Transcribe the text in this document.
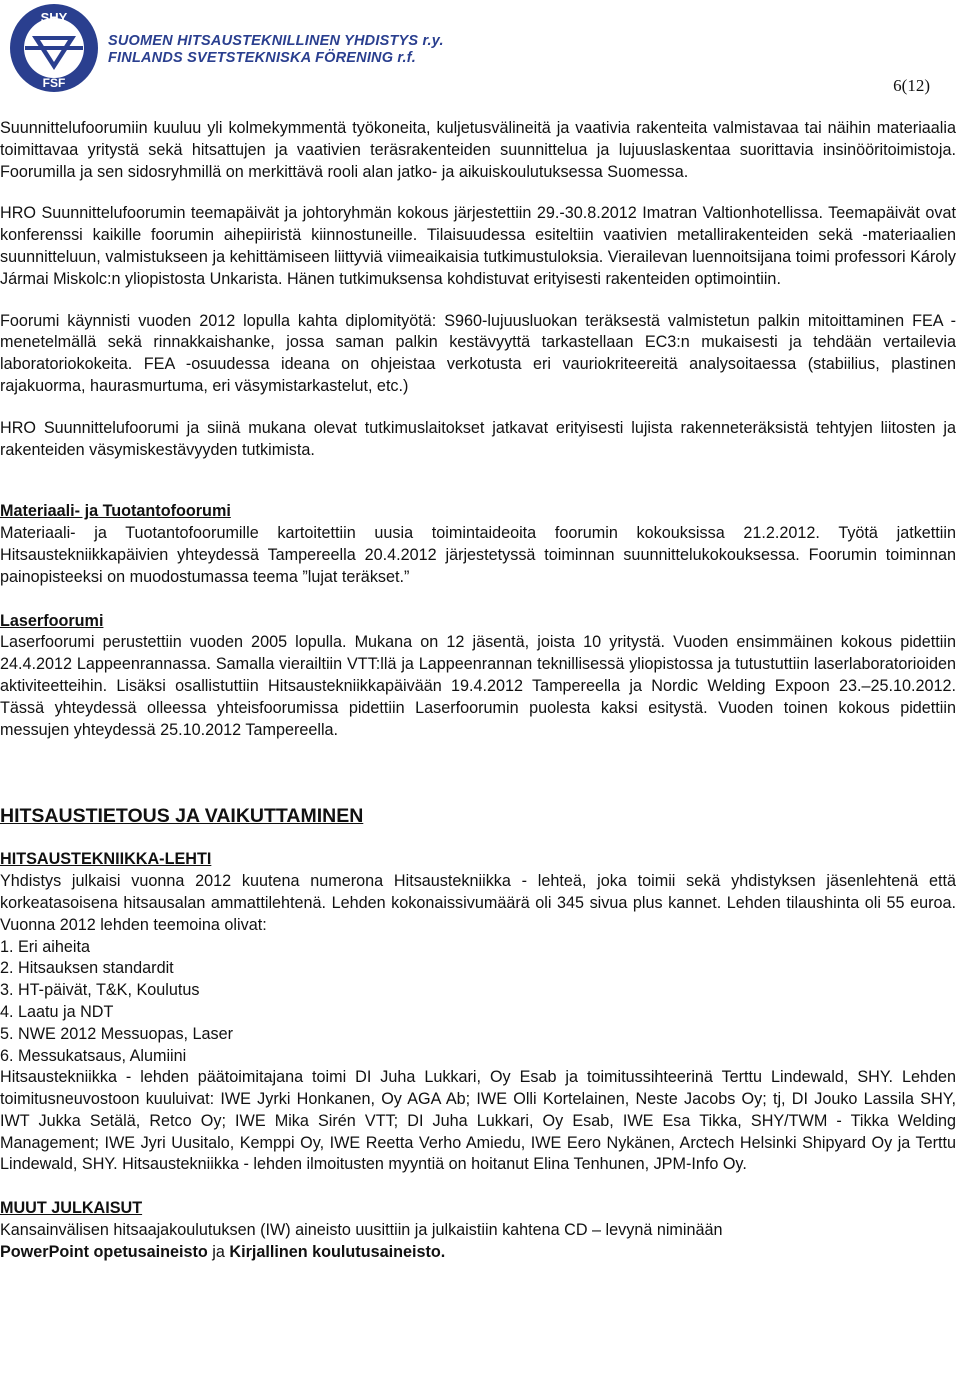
SHY
FSF
SUOMEN HITSAUSTEKNILLINEN YHDISTYS r.y.
FINLANDS SVETSTEKNISKA FÖRENING r.f.
6(12)

Suunnittelufoorumiin kuuluu yli kolmekymmentä työkoneita, kuljetusvälineitä ja vaativia rakenteita valmistavaa tai näihin materiaalia toimittavaa yritystä sekä hitsattujen ja vaativien teräsrakenteiden suunnittelua ja lujuuslaskentaa suorittavia insinööritoimistoja. Foorumilla ja sen sidosryhmillä on merkittävä rooli alan jatko- ja aikuiskoulutuksessa Suomessa.

HRO Suunnittelufoorumin teemapäivät ja johtoryhmän kokous järjestettiin 29.-30.8.2012 Imatran Valtionhotellissa. Teemapäivät ovat konferenssi kaikille foorumin aihepiiristä kiinnostuneille. Tilaisuudessa esiteltiin vaativien metallirakenteiden sekä -materiaalien suunnitteluun, valmistukseen ja kehittämiseen liittyviä viimeaikaisia tutkimustuloksia. Vierailevan luennoitsijana toimi professori Károly Jármai Miskolc:n yliopistosta Unkarista. Hänen tutkimuksensa kohdistuvat erityisesti rakenteiden optimointiin.

Foorumi käynnisti vuoden 2012 lopulla kahta diplomityötä: S960-lujuusluokan teräksestä valmistetun palkin mitoittaminen FEA -menetelmällä sekä rinnakkaishanke, jossa saman palkin kestävyyttä tarkastellaan EC3:n mukaisesti ja tehdään vertailevia laboratoriokokeita. FEA -osuudessa ideana on ohjeistaa verkotusta eri vauriokriteereitä analysoitaessa (stabiilius, plastinen rajakuorma, haurasmurtuma, eri väsymistarkastelut, etc.)

HRO Suunnittelufoorumi ja siinä mukana olevat tutkimuslaitokset jatkavat erityisesti lujista rakenneteräksistä tehtyjen liitosten ja rakenteiden väsymiskestävyyden tutkimista.

Materiaali- ja Tuotantofoorumi

Materiaali- ja Tuotantofoorumille kartoitettiin uusia toimintaideoita foorumin kokouksissa 21.2.2012. Työtä jatkettiin Hitsaustekniikkapäivien yhteydessä Tampereella 20.4.2012 järjestetyssä toiminnan suunnittelukokouksessa. Foorumin toiminnan painopisteeksi on muodostumassa teema ”lujat teräkset.”

Laserfoorumi

Laserfoorumi perustettiin vuoden 2005 lopulla. Mukana on 12 jäsentä, joista 10 yritystä. Vuoden ensimmäinen kokous pidettiin 24.4.2012 Lappeenrannassa. Samalla vierailtiin VTT:llä ja Lappeenrannan teknillisessä yliopistossa ja tutustuttiin laserlaboratorioiden aktiviteetteihin. Lisäksi osallistuttiin Hitsaustekniikkapäivään 19.4.2012 Tampereella ja Nordic Welding Expoon 23.–25.10.2012. Tässä yhteydessä olleessa yhteisfoorumissa pidettiin Laserfoorumin puolesta kaksi esitystä. Vuoden toinen kokous pidettiin messujen yhteydessä 25.10.2012 Tampereella.

HITSAUSTIETOUS JA VAIKUTTAMINEN

HITSAUSTEKNIIKKA-LEHTI

Yhdistys julkaisi vuonna 2012 kuutena numerona Hitsaustekniikka - lehteä, joka toimii sekä yhdistyksen jäsenlehtenä että korkeatasoisena hitsausalan ammattilehtenä. Lehden kokonaissivumäärä oli 345 sivua plus kannet. Lehden tilaushinta oli 55 euroa. Vuonna 2012 lehden teemoina olivat:

1. Eri aiheita
2. Hitsauksen standardit
3. HT-päivät, T&K, Koulutus
4. Laatu ja NDT
5. NWE 2012 Messuopas, Laser
6. Messukatsaus, Alumiini

Hitsaustekniikka - lehden päätoimitajana toimi DI Juha Lukkari, Oy Esab ja toimitussihteerinä Terttu Lindewald, SHY. Lehden toimitusneuvostoon kuuluivat: IWE Jyrki Honkanen, Oy AGA Ab; IWE Olli Kortelainen, Neste Jacobs Oy; tj, DI Jouko Lassila SHY, IWT Jukka Setälä, Retco Oy; IWE Mika Sirén VTT; DI Juha Lukkari, Oy Esab, IWE Esa Tikka, SHY/TWM - Tikka Welding Management; IWE Jyri Uusitalo, Kemppi Oy, IWE Reetta Verho Amiedu, IWE Eero Nykänen, Arctech Helsinki Shipyard Oy ja Terttu Lindewald, SHY. Hitsaustekniikka - lehden ilmoitusten myyntiä on hoitanut Elina Tenhunen, JPM-Info Oy.

MUUT JULKAISUT

Kansainvälisen hitsaajakoulutuksen (IW) aineisto uusittiin ja julkaistiin kahtena CD – levynä niminään
PowerPoint opetusaineisto ja Kirjallinen koulutusaineisto.
